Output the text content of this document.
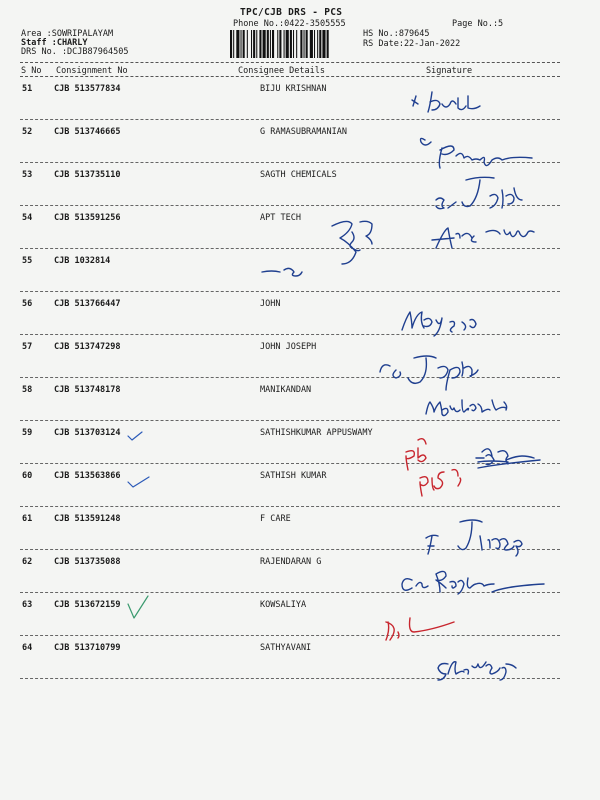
TPC/CJB DRS - PCS
Phone No.:0422-3505555	Page No.:5
HS No.:879645
RS Date:22-Jan-2022
Area :SOWRIPALAYAM
Staff :CHARLY
DRS No. :DCJB87964505
S No Consignment No	Consignee Details	Signature
51	CJB 513577834	BIJU KRISHNAN
52	CJB 513746665	G RAMASUBRAMANIAN
53	CJB 513735110	SAGTH CHEMICALS
54	CJB 513591256	APT TECH
55	CJB 1032814
56	CJB 513766447	JOHN
57	CJB 513747298	JOHN JOSEPH
58	CJB 513748178	MANIKANDAN
59	CJB 513703124	SATHISHKUMAR APPUSWAMY
60	CJB 513563866	SATHISH KUMAR
61	CJB 513591248	F CARE
62	CJB 513735088	RAJENDARAN G
63	CJB 513672159	KOWSALIYA
64	CJB 513710799	SATHYAVANI
